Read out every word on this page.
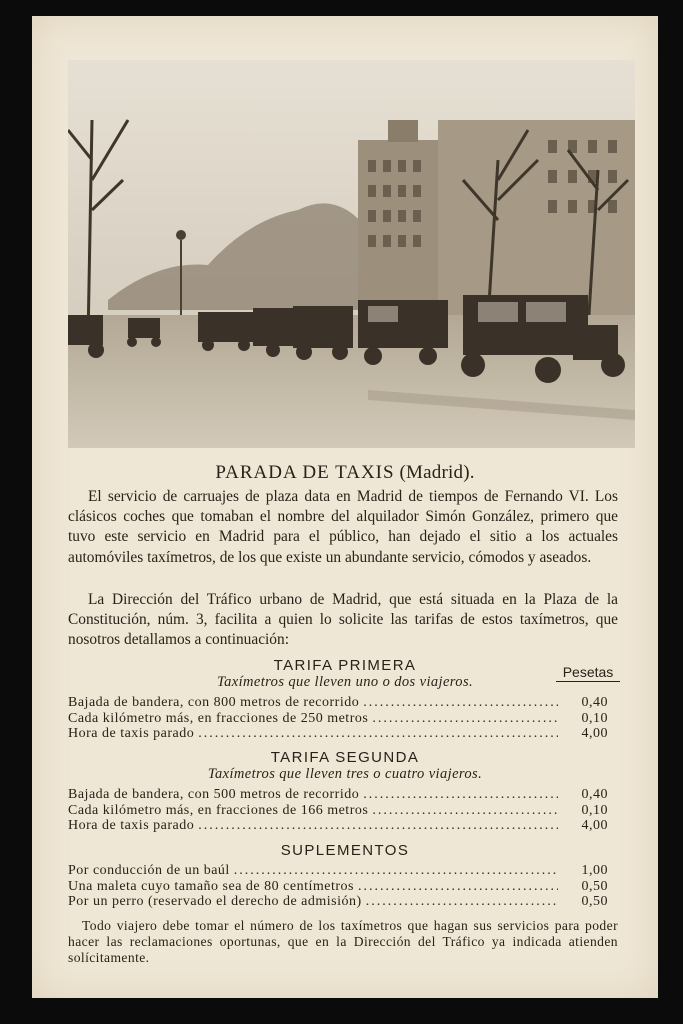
PARADA DE TAXIS (Madrid).

El servicio de carruajes de plaza data en Madrid de tiempos de Fernando VI. Los clásicos coches que tomaban el nombre del alquilador Simón González, primero que tuvo este servicio en Madrid para el público, han dejado el sitio a los actuales automóviles taxímetros, de los que existe un abundante servicio, cómodos y aseados.

La Dirección del Tráfico urbano de Madrid, que está situada en la Plaza de la Constitución, núm. 3, facilita a quien lo solicite las tarifas de estos taxímetros, que nosotros detallamos a continuación:

Pesetas
TARIFA PRIMERA
Taxímetros que lleven uno o dos viajeros.
Bajada de bandera, con 800 metros de recorrido .....	0,40
Cada kilómetro más, en fracciones de 250 metros .....	0,10
Hora de taxis parado .....	4,00
TARIFA SEGUNDA
Taxímetros que lleven tres o cuatro viajeros.
Bajada de bandera, con 500 metros de recorrido .....	0,40
Cada kilómetro más, en fracciones de 166 metros .....	0,10
Hora de taxis parado .....	4,00
SUPLEMENTOS
Por conducción de un baúl .....	1,00
Una maleta cuyo tamaño sea de 80 centímetros .....	0,50
Por un perro (reservado el derecho de admisión) .....	0,50

Todo viajero debe tomar el número de los taxímetros que hagan sus servicios para poder hacer las reclamaciones oportunas, que en la Dirección del Tráfico ya indicada atienden solícitamente.
